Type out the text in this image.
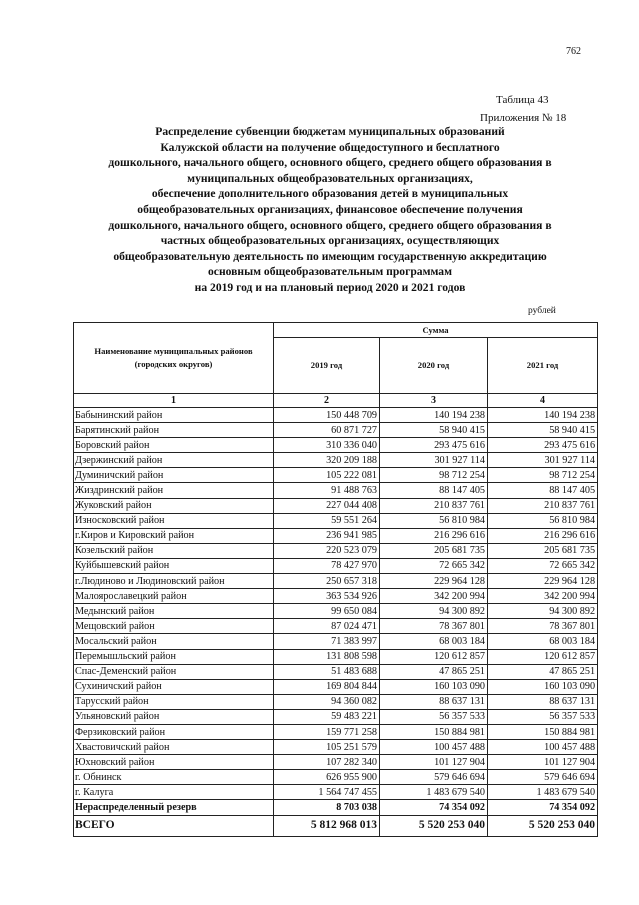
762
Таблица 43
Приложения № 18
Распределение субвенции бюджетам муниципальных образований
Калужской области на получение общедоступного и бесплатного
дошкольного, начального общего, основного общего, среднего общего образования в
муниципальных общеобразовательных организациях,
обеспечение дополнительного образования детей в муниципальных
общеобразовательных организациях, финансовое обеспечение получения
дошкольного, начального общего, основного общего, среднего общего образования в
частных общеобразовательных организациях, осуществляющих
общеобразовательную деятельность по имеющим государственную аккредитацию
основным общеобразовательным программам
на 2019 год и на плановый период 2020 и 2021 годов
рублей
Наименование муниципальных районов (городских округов)	Сумма		
	2019 год	2020 год	2021 год
1	2	3	4
Бабынинский район	150 448 709	140 194 238	140 194 238
Барятинский район	60 871 727	58 940 415	58 940 415
Боровский район	310 336 040	293 475 616	293 475 616
Дзержинский район	320 209 188	301 927 114	301 927 114
Думиничский район	105 222 081	98 712 254	98 712 254
Жиздринский район	91 488 763	88 147 405	88 147 405
Жуковский район	227 044 408	210 837 761	210 837 761
Износковский район	59 551 264	56 810 984	56 810 984
г.Киров и Кировский район	236 941 985	216 296 616	216 296 616
Козельский район	220 523 079	205 681 735	205 681 735
Куйбышевский район	78 427 970	72 665 342	72 665 342
г.Людиново и Людиновский район	250 657 318	229 964 128	229 964 128
Малоярославецкий район	363 534 926	342 200 994	342 200 994
Медынский район	99 650 084	94 300 892	94 300 892
Мещовский район	87 024 471	78 367 801	78 367 801
Мосальский район	71 383 997	68 003 184	68 003 184
Перемышльский район	131 808 598	120 612 857	120 612 857
Спас-Деменский район	51 483 688	47 865 251	47 865 251
Сухиничский район	169 804 844	160 103 090	160 103 090
Тарусский район	94 360 082	88 637 131	88 637 131
Ульяновский район	59 483 221	56 357 533	56 357 533
Ферзиковский район	159 771 258	150 884 981	150 884 981
Хвастовичский район	105 251 579	100 457 488	100 457 488
Юхновский район	107 282 340	101 127 904	101 127 904
г. Обнинск	626 955 900	579 646 694	579 646 694
г. Калуга	1 564 747 455	1 483 679 540	1 483 679 540
Нераспределенный резерв	8 703 038	74 354 092	74 354 092
ВСЕГО	5 812 968 013	5 520 253 040	5 520 253 040
